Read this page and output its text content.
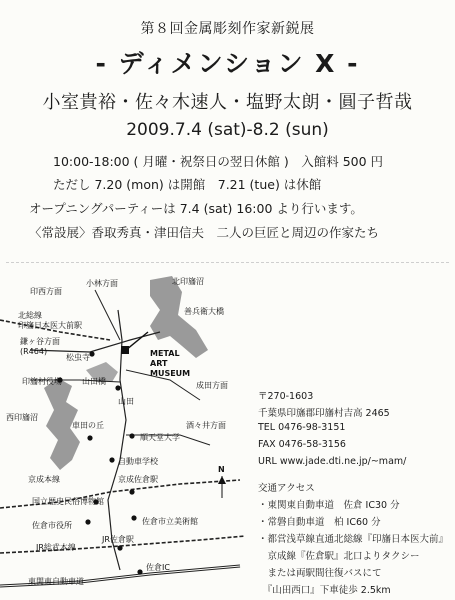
第８回金属彫刻作家新鋭展
- ディメンション X -
小室貴裕・佐々木速人・塩野太朗・圓子哲哉
2009.7.4 (sat)-8.2 (sun)
10:00-18:00 ( 月曜・祝祭日の翌日休館 )　入館料 500 円
ただし 7.20 (mon) は開館　7.21 (tue) は休館
オープニングパーティーは 7.4 (sat) 16:00 より行います。
〈常設展〉香取秀真・津田信夫　二人の巨匠と周辺の作家たち
N
印西方面
小林方面	北印旛沼
北総線
印旛日本医大前駅
鎌ヶ谷方面
(R464)
松虫寺
善兵衛大橋
METAL
ART
MUSEUM
印旛村役場	山田橋	成田方面
山田
西印旛沼
車田の丘
順天堂大学
酒々井方面
自動車学校
京成本線	京成佐倉駅
国立歴史民俗博物館
佐倉市役所	佐倉市立美術館
JR総武本線
JR佐倉駅
佐倉IC
東関東自動車道
〒270-1603
千葉県印旛郡印旛村吉高 2465
TEL 0476-98-3151
FAX 0476-58-3156
URL www.jade.dti.ne.jp/~mam/
交通アクセス
・東関東自動車道　佐倉 IC30 分
・常磐自動車道　柏 IC60 分
・都営浅草線直通北総線『印旛日本医大前』
　京成線『佐倉駅』北口よりタクシー
　または両駅間往復バスにて
　『山田西口』下車徒歩 2.5km
